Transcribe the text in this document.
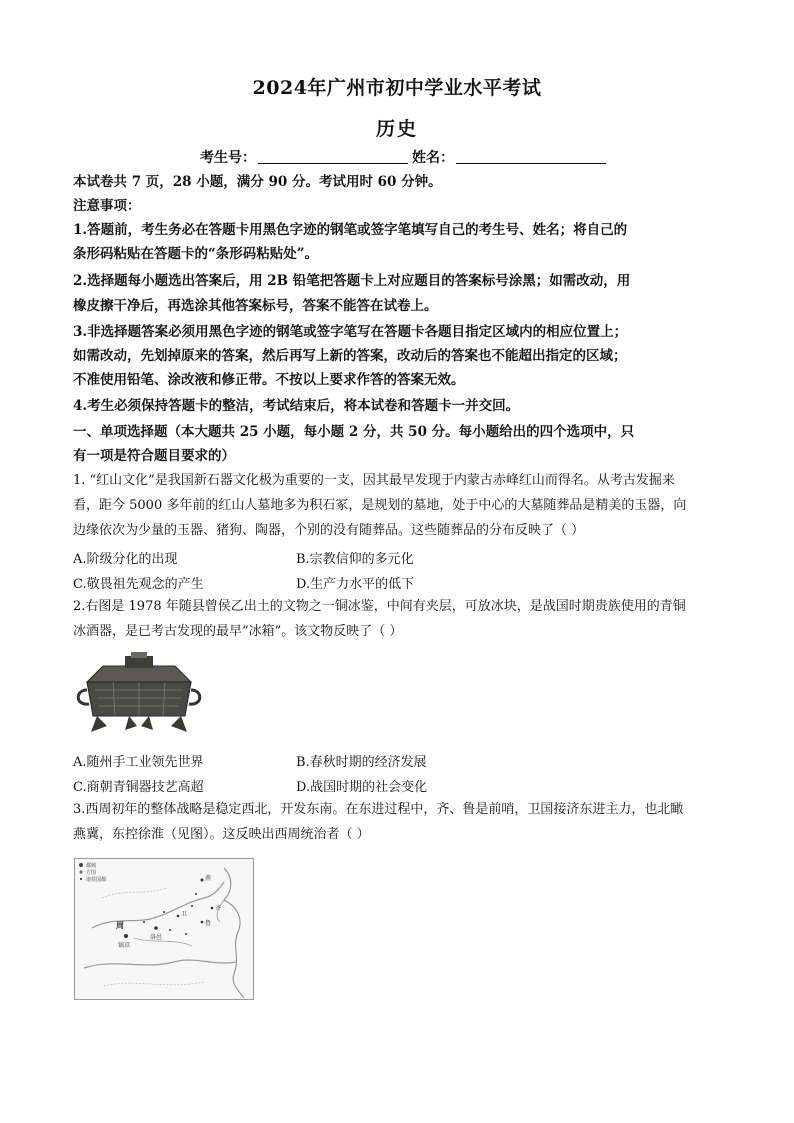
2024年广州市初中学业水平考试
历史
考生号：	姓名：
本试卷共 7 页，28 小题，满分 90 分。考试用时 60 分钟。
注意事项：
1.答题前，考生务必在答题卡用黑色字迹的钢笔或签字笔填写自己的考生号、姓名；将自己的
条形码粘贴在答题卡的“条形码粘贴处”。
2.选择题每小题选出答案后，用 2B 铅笔把答题卡上对应题目的答案标号涂黑；如需改动，用
橡皮擦干净后，再选涂其他答案标号，答案不能答在试卷上。
3.非选择题答案必须用黑色字迹的钢笔或签字笔写在答题卡各题目指定区域内的相应位置上；
如需改动，先划掉原来的答案，然后再写上新的答案，改动后的答案也不能超出指定的区域；
不准使用铅笔、涂改液和修正带。不按以上要求作答的答案无效。
4.考生必须保持答题卡的整洁，考试结束后，将本试卷和答题卡一并交回。
一、单项选择题（本大题共 25 小题，每小题 2 分，共 50 分。每小题给出的四个选项中，只
有一项是符合题目要求的）
1. “红山文化”是我国新石器文化极为重要的一支，因其最早发现于内蒙古赤峰红山而得名。从考古发掘来
看，距今 5000 多年前的红山人墓地多为积石冢，是规划的墓地，处于中心的大墓随葬品是精美的玉器，向
边缘依次为少量的玉器、猪狗、陶器，个别的没有随葬品。这些随葬品的分布反映了（ ）
A.阶级分化的出现	B.宗教信仰的多元化
C.敬畏祖先观念的产生	D.生产力水平的低下
2.右图是 1978 年随县曾侯乙出土的文物之一铜冰鉴，中间有夹层，可放冰块，是战国时期贵族使用的青铜
冰酒器，是已考古发现的最早“冰箱”。该文物反映了（ ）
A.随州手工业领先世界	B.春秋时期的经济发展
C.商朝青铜器技艺高超	D.战国时期的社会变化
3.西周初年的整体战略是稳定西北，开发东南。在东进过程中，齐、鲁是前哨，卫国接济东进主力，也北瞰
燕冀，东控徐淮（见图）。这反映出西周统治者（ ）
都城
方国
诸侯国都	燕
周
镐京
洛邑
卫
齐
鲁
